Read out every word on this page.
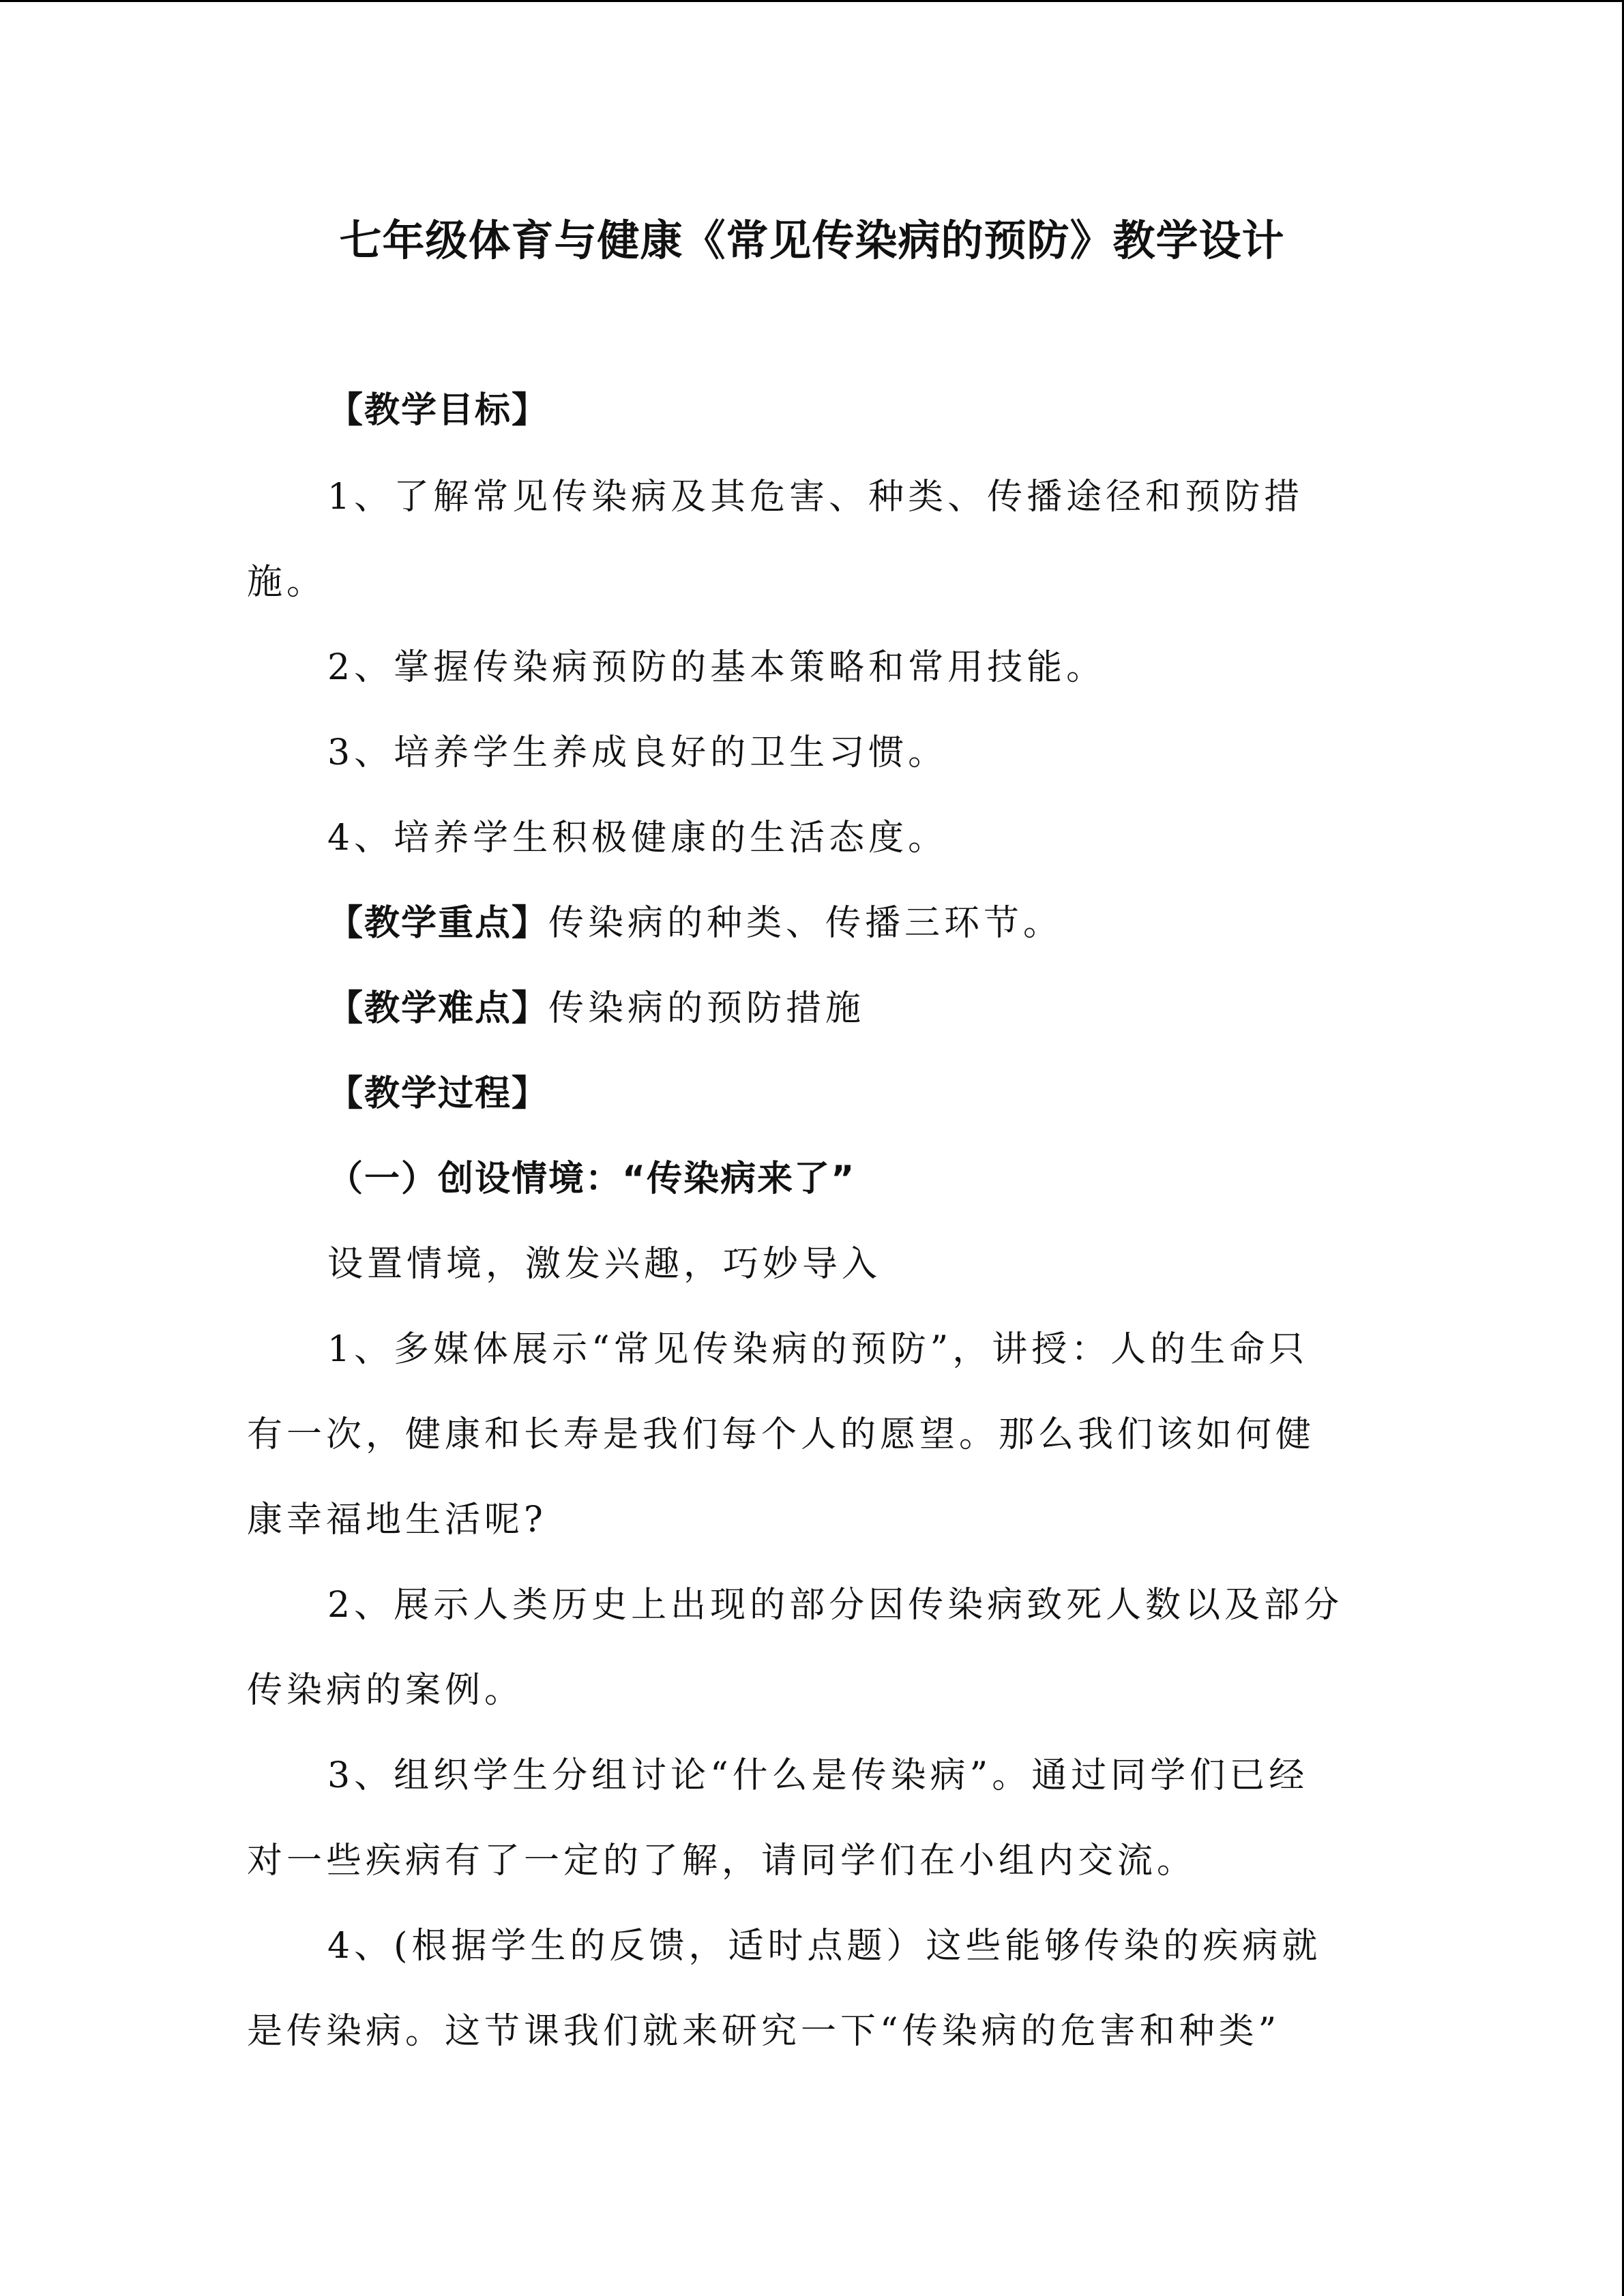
七年级体育与健康《常见传染病的预防》教学设计
【教学目标】
1、了解常见传染病及其危害、种类、传播途径和预防措
施。
2、掌握传染病预防的基本策略和常用技能。
3、培养学生养成良好的卫生习惯。
4、培养学生积极健康的生活态度。
【教学重点】传染病的种类、传播三环节。
【教学难点】传染病的预防措施
【教学过程】
（一）创设情境：“传染病来了”
设置情境，激发兴趣，巧妙导入
1、多媒体展示“常见传染病的预防”，讲授：人的生命只
有一次，健康和长寿是我们每个人的愿望。那么我们该如何健
康幸福地生活呢?
2、展示人类历史上出现的部分因传染病致死人数以及部分
传染病的案例。
3、组织学生分组讨论“什么是传染病”。通过同学们已经
对一些疾病有了一定的了解，请同学们在小组内交流。
4、(根据学生的反馈，适时点题）这些能够传染的疾病就
是传染病。这节课我们就来研究一下“传染病的危害和种类”
